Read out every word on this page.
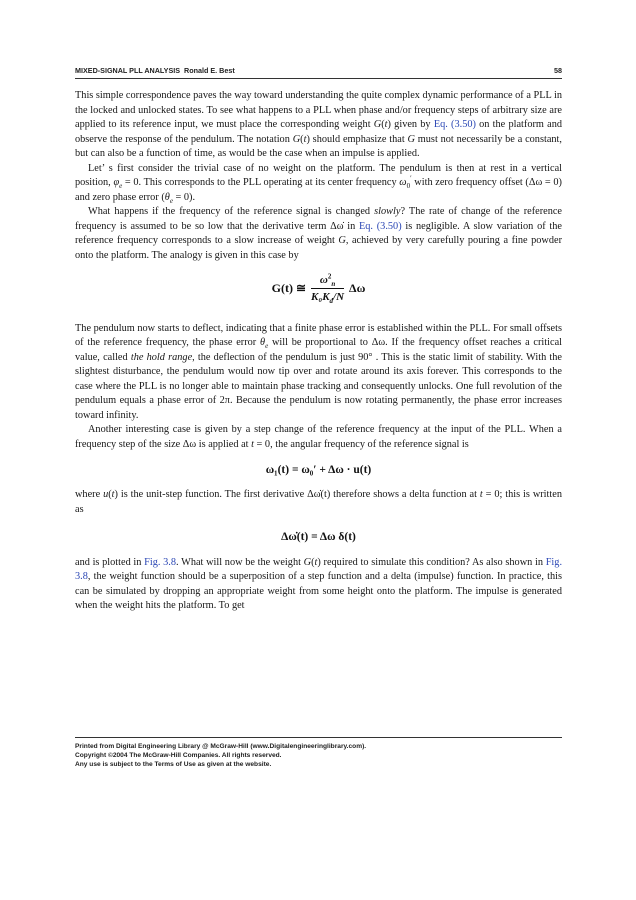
MIXED-SIGNAL PLL ANALYSIS Ronald E. Best	58

This simple correspondence paves the way toward understanding the quite complex dynamic performance of a PLL in the locked and unlocked states. To see what happens to a PLL when phase and/or frequency steps of arbitrary size are applied to its reference input, we must place the corresponding weight G(t) given by Eq. (3.50) on the platform and observe the response of the pendulum. The notation G(t) should emphasize that G must not necessarily be a constant, but can also be a function of time, as would be the case when an impulse is applied.

Let’ s first consider the trivial case of no weight on the platform. The pendulum is then at rest in a vertical position, $\varphi_e = 0$. This corresponds to the PLL operating at its center frequency $\omega_0'$ with zero frequency offset (Δω = 0) and zero phase error $(\theta_e = 0)$.

What happens if the frequency of the reference signal is changed slowly? The rate of change of the reference frequency is assumed to be so low that the derivative term Δω̇ in Eq. (3.50) is negligible. A slow variation of the reference frequency corresponds to a slow increase of weight G, achieved by very carefully pouring a fine powder onto the platform. The analogy is given in this case by

G(t) ≅ $\frac{\omega^2_n}{K_0K_d/N}$ Δω

The pendulum now starts to deflect, indicating that a finite phase error is established within the PLL. For small offsets of the reference frequency, the phase error $\theta_e$ will be proportional to Δω. If the frequency offset reaches a critical value, called the hold range, the deflection of the pendulum is just 90° . This is the static limit of stability. With the slightest disturbance, the pendulum would now tip over and rotate around its axis forever. This corresponds to the case where the PLL is no longer able to maintain phase tracking and consequently unlocks. One full revolution of the pendulum equals a phase error of 2π. Because the pendulum is now rotating permanently, the phase error increases toward infinity.

Another interesting case is given by a step change of the reference frequency at the input of the PLL. When a frequency step of the size Δω is applied at t = 0, the angular frequency of the reference signal is

ω₁(t) = ω₀′ + Δω · u(t)

where u(t) is the unit-step function. The first derivative Δω̇(t) therefore shows a delta function at t = 0; this is written as

Δω̇(t) = Δω δ(t)

and is plotted in Fig. 3.8. What will now be the weight G(t) required to simulate this condition? As also shown in Fig. 3.8, the weight function should be a superposition of a step function and a delta (impulse) function. In practice, this can be simulated by dropping an appropriate weight from some height onto the platform. The impulse is generated when the weight hits the platform. To get

Printed from Digital Engineering Library @ McGraw-Hill (www.Digitalengineeringlibrary.com).
Copyright ©2004 The McGraw-Hill Companies. All rights reserved.
Any use is subject to the Terms of Use as given at the website.
